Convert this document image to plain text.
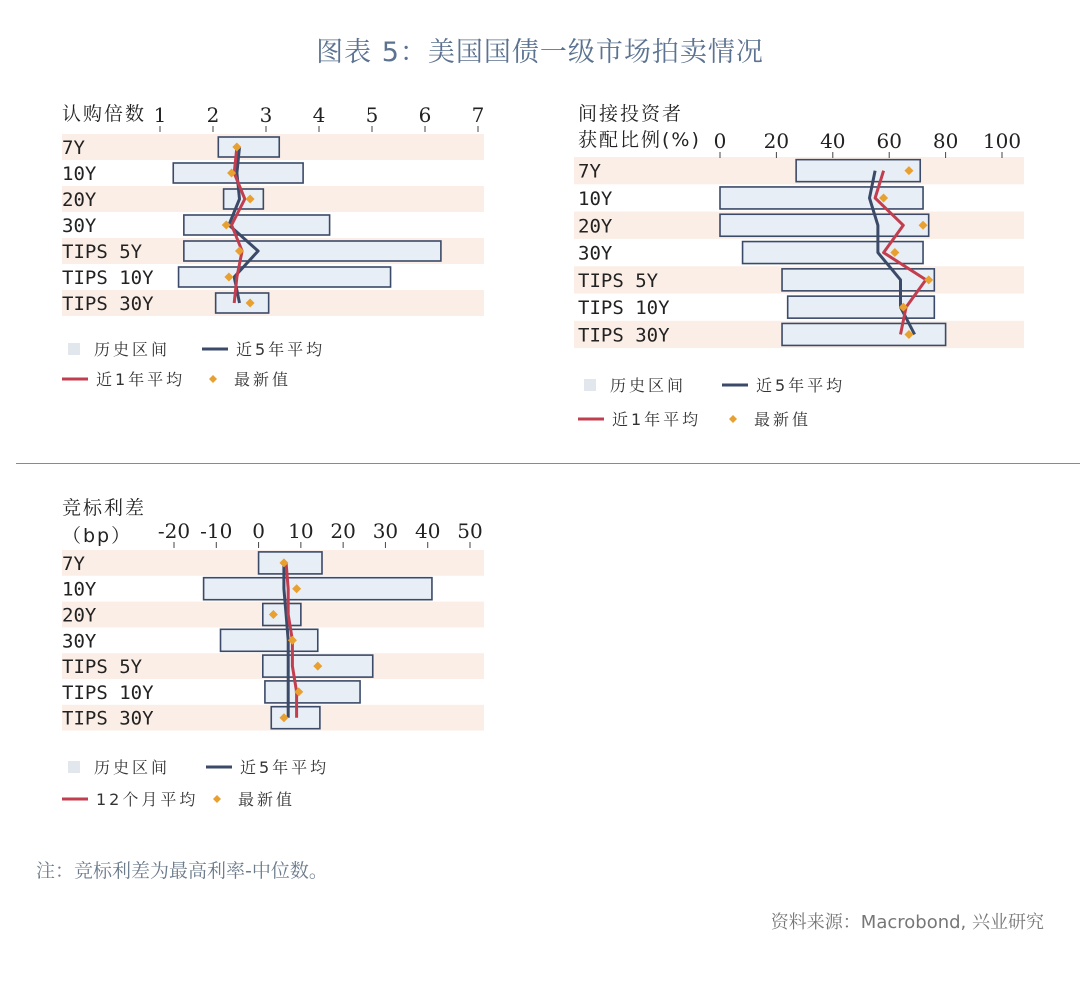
图表 5：美国国债一级市场拍卖情况
认购倍数 1 2 3 4 5 6 7
7Y
10Y
20Y
30Y
TIPS 5Y
TIPS 10Y
TIPS 30Y
历史区间	近5年平均
近1年平均	最新值
间接投资者
获配比例(%) 0 20 40 60 80 100
7Y
10Y
20Y
30Y
TIPS 5Y
TIPS 10Y
TIPS 30Y
历史区间	近5年平均
近1年平均	最新值
竞标利差
（bp） -20 -10 0 10 20 30 40 50
7Y
10Y
20Y
30Y
TIPS 5Y
TIPS 10Y
TIPS 30Y
历史区间	近5年平均
12个月平均 最新值
注：竞标利差为最高利率-中位数。
资料来源：Macrobond, 兴业研究
